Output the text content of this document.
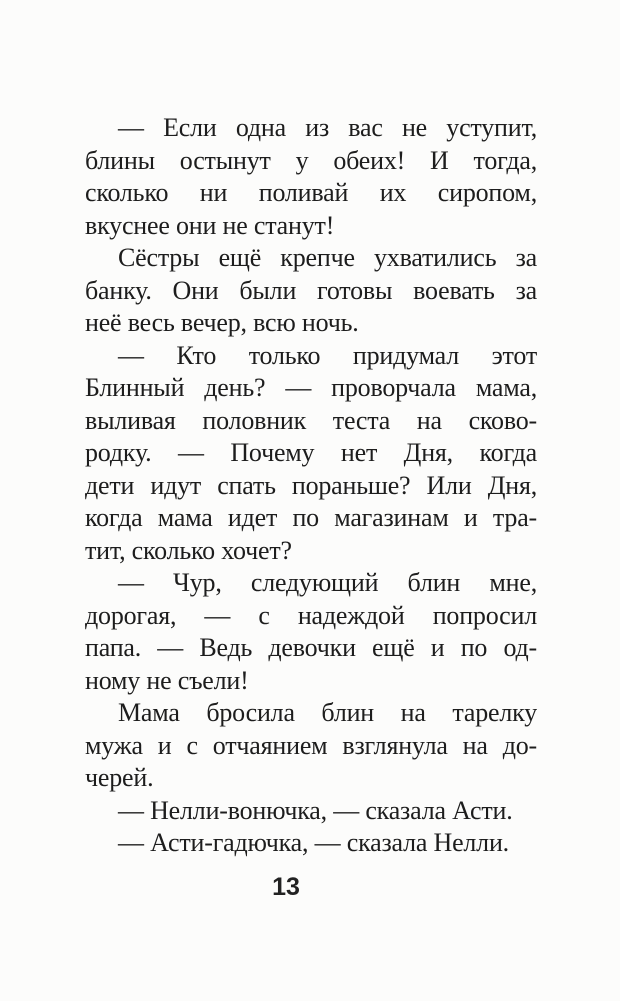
— Если одна из вас не уступит,
блины остынут у обеих! И тогда,
сколько ни поливай их сиропом,
вкуснее они не станут!
Сёстры ещё крепче ухватились за
банку. Они были готовы воевать за
неё весь вечер, всю ночь.
— Кто только придумал этот
Блинный день? — проворчала мама,
выливая половник теста на сково-
родку. — Почему нет Дня, когда
дети идут спать пораньше? Или Дня,
когда мама идет по магазинам и тра-
тит, сколько хочет?
— Чур, следующий блин мне,
дорогая, — с надеждой попросил
папа. — Ведь девочки ещё и по од-
ному не съели!
Мама бросила блин на тарелку
мужа и с отчаянием взглянула на до-
черей.
— Нелли-вонючка, — сказала Асти.
— Асти-гадючка, — сказала Нелли.
13
